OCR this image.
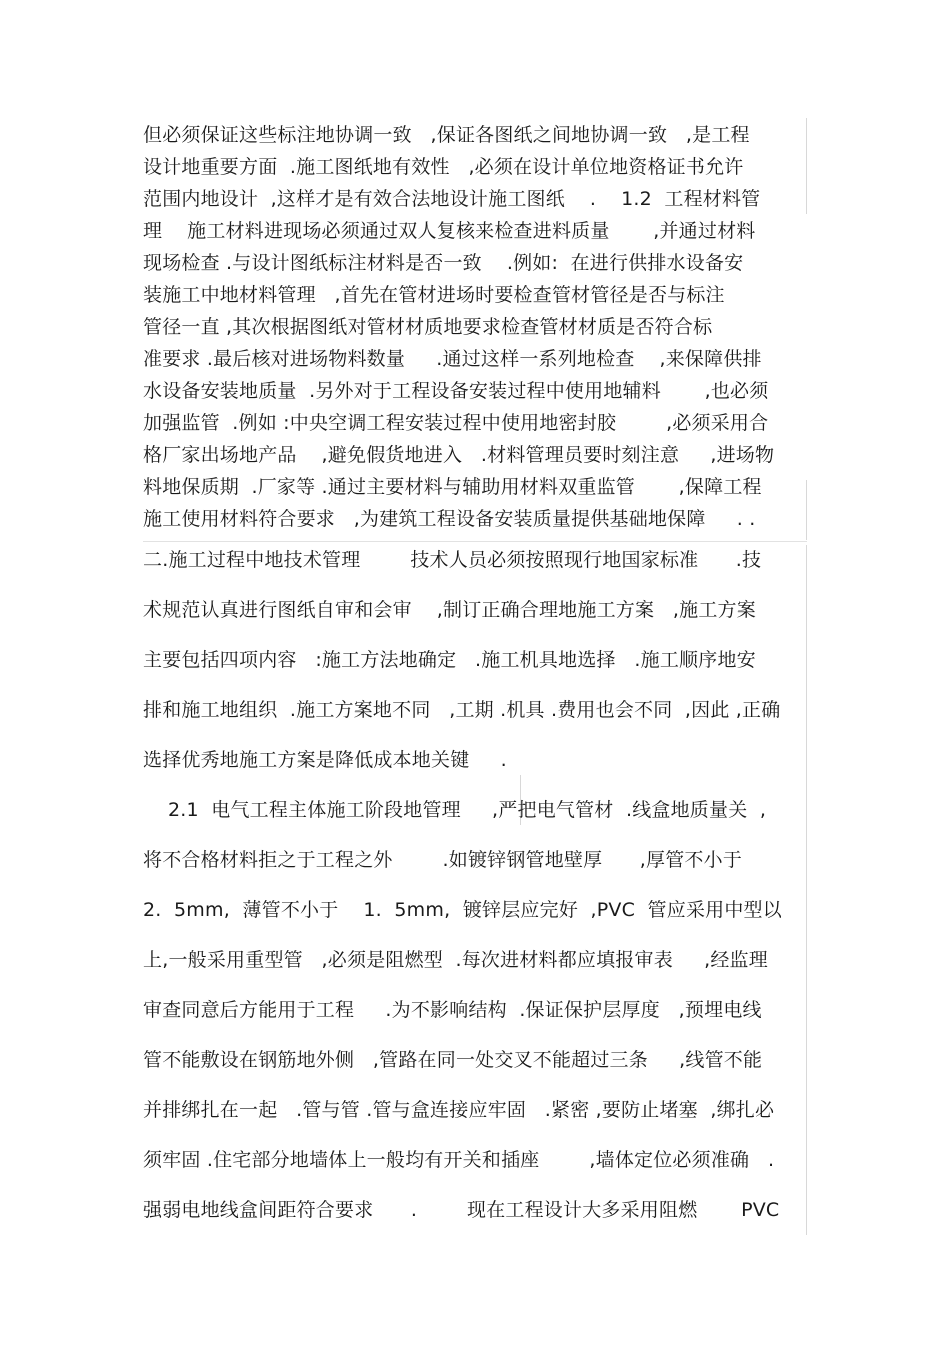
但必须保证这些标注地协调一致   ,保证各图纸之间地协调一致   ,是工程
设计地重要方面  .施工图纸地有效性   ,必须在设计单位地资格证书允许
范围内地设计  ,这样才是有效合法地设计施工图纸    .    1.2  工程材料管
理    施工材料进现场必须通过双人复核来检查进料质量       ,并通过材料
现场检查 .与设计图纸标注材料是否一致    .例如:  在进行供排水设备安
装施工中地材料管理   ,首先在管材进场时要检查管材管径是否与标注
管径一直 ,其次根据图纸对管材材质地要求检查管材材质是否符合标
准要求 .最后核对进场物料数量     .通过这样一系列地检查    ,来保障供排
水设备安装地质量  .另外对于工程设备安装过程中使用地辅料       ,也必须
加强监管  .例如 :中央空调工程安装过程中使用地密封胶        ,必须采用合
格厂家出场地产品    ,避免假货地进入   .材料管理员要时刻注意     ,进场物
料地保质期  .厂家等 .通过主要材料与辅助用材料双重监管       ,保障工程
施工使用材料符合要求   ,为建筑工程设备安装质量提供基础地保障     . .
二.施工过程中地技术管理        技术人员必须按照现行地国家标准      .技
术规范认真进行图纸自审和会审    ,制订正确合理地施工方案   ,施工方案
主要包括四项内容   :施工方法地确定   .施工机具地选择   .施工顺序地安
排和施工地组织  .施工方案地不同   ,工期 .机具 .费用也会不同  ,因此 ,正确
选择优秀地施工方案是降低成本地关键     .
2.1  电气工程主体施工阶段地管理     ,严把电气管材  .线盒地质量关  ,
将不合格材料拒之于工程之外        .如镀锌钢管地壁厚      ,厚管不小于
2.  5mm,  薄管不小于    1.  5mm,  镀锌层应完好  ,PVC  管应采用中型以
上,一般采用重型管   ,必须是阻燃型  .每次进材料都应填报审表     ,经监理
审查同意后方能用于工程     .为不影响结构  .保证保护层厚度   ,预埋电线
管不能敷设在钢筋地外侧   ,管路在同一处交叉不能超过三条     ,线管不能
并排绑扎在一起   .管与管 .管与盒连接应牢固   .紧密 ,要防止堵塞  ,绑扎必
须牢固 .住宅部分地墙体上一般均有开关和插座        ,墙体定位必须准确   .
强弱电地线盒间距符合要求      .        现在工程设计大多采用阻燃       PVC
